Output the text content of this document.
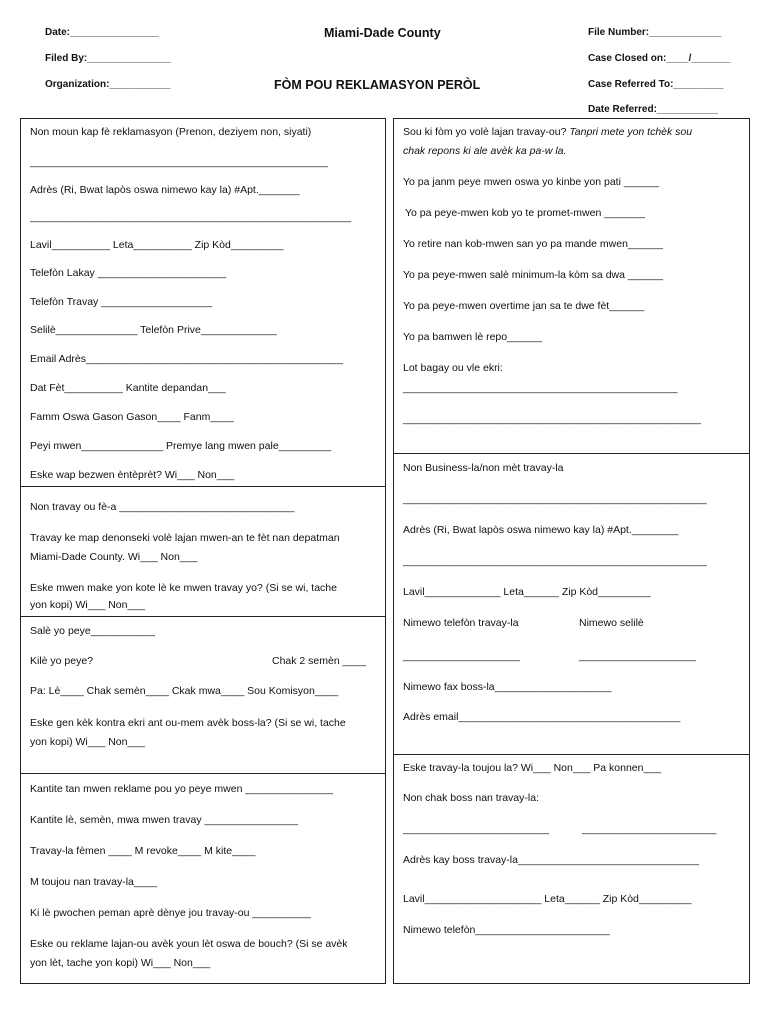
Date:________________
Filed By:_______________
Organization:___________
Miami-Dade County
FÒM POU REKLAMASYON PERÒL
File Number:_____________
Case Closed on:____/_______
Case Referred To:_________
Date Referred:___________
Non moun kap fè reklamasyon (Prenon, deziyem non, siyati)
___________________________________________________
Adrès (Ri, Bwat lapòs oswa nimewo kay la) #Apt._______
_______________________________________________________
Lavil__________ Leta__________ Zip Kòd_________
Telefòn Lakay ______________________
Telefòn Travay ___________________
Selilè______________ Telefòn Prive_____________
Email Adrès____________________________________________
Dat Fèt__________ Kantite depandan___
Famm Oswa Gason Gason____ Fanm____
Peyi mwen______________ Premye lang mwen pale_________
Eske wap bezwen èntèprèt? Wi___ Non___
Non travay ou fè-a ______________________________
Travay ke map denonseki volè lajan mwen-an te fèt nan depatman
Miami-Dade County. Wi___ Non___
Eske mwen make yon kote lè ke mwen travay yo? (Si se wi, tache
yon kopi) Wi___ Non___
Salè yo peye___________
Kilè yo peye?	Chak 2 semèn ____
Pa: Lè____ Chak semèn____ Ckak mwa____ Sou Komisyon____
Eske gen kèk kontra ekri ant ou-mem avèk boss-la? (Si se wi, tache
yon kopi) Wi___ Non___
Kantite tan mwen reklame pou yo peye mwen _______________
Kantite lè, semèn, mwa mwen travay ________________
Travay-la fèmen ____ M revoke____ M kite____
M toujou nan travay-la____
Ki lè pwochen peman aprè dènye jou travay-ou __________
Eske ou reklame lajan-ou avèk youn lèt oswa de bouch? (Si se avèk
yon lèt, tache yon kopi) Wi___ Non___
Sou ki fòm yo volè lajan travay-ou? Tanpri mete yon tchèk sou
chak repons ki ale avèk ka pa-w la.
Yo pa janm peye mwen oswa yo kinbe yon pati ______
Yo pa peye-mwen kob yo te promet-mwen _______
Yo retire nan kob-mwen san yo pa mande mwen______
Yo pa peye-mwen salè minimum-la kòm sa dwa ______
Yo pa peye-mwen overtime jan sa te dwe fèt______
Yo pa bamwen lè repo______
Lot bagay ou vle ekri:
_______________________________________________
___________________________________________________
Non Business-la/non mèt travay-la
____________________________________________________
Adrès (Ri, Bwat lapòs oswa nimewo kay la) #Apt.________
____________________________________________________
Lavil_____________ Leta______ Zip Kòd_________
Nimewo telefòn travay-la	Nimewo selilè
____________________	____________________
Nimewo fax boss-la____________________
Adrès email______________________________________
Eske travay-la toujou la? Wi___ Non___ Pa konnen___
Non chak boss nan travay-la:
_________________________	_______________________
Adrès kay boss travay-la_______________________________
Lavil____________________ Leta______ Zip Kòd_________
Nimewo telefòn_______________________
